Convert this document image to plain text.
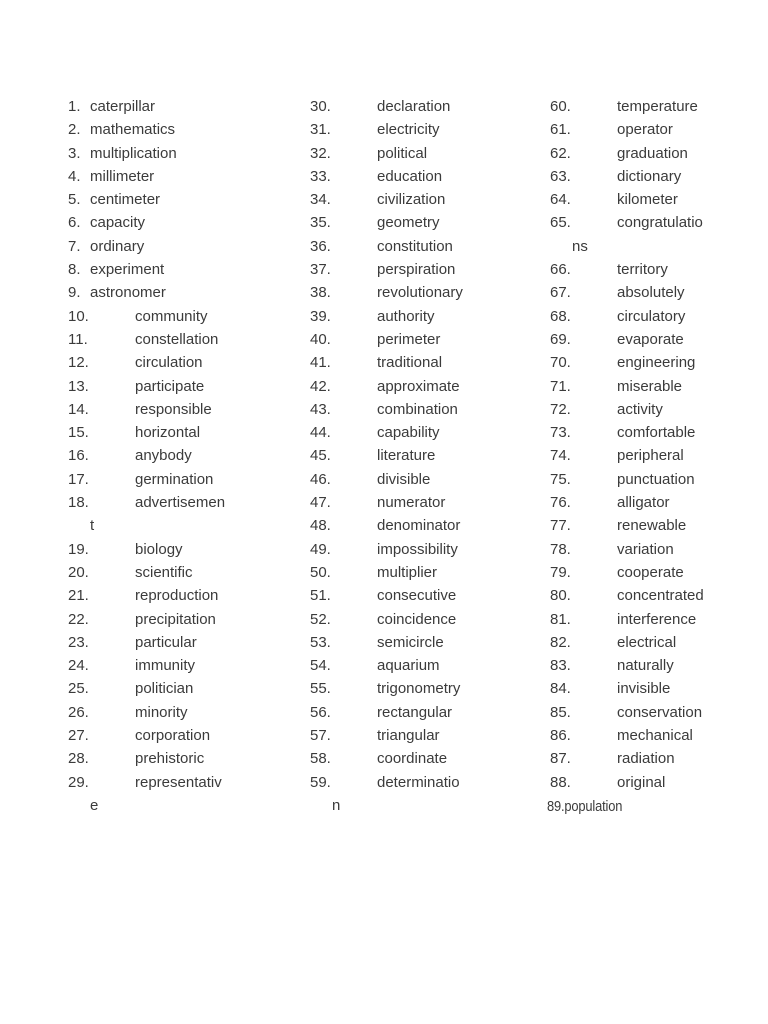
1. caterpillar
2. mathematics
3. multiplication
4. millimeter
5. centimeter
6. capacity
7. ordinary
8. experiment
9. astronomer
10.	community
11.	constellation
12.	circulation
13.	participate
14.	responsible
15.	horizontal
16.	anybody
17.	germination
18.	advertisemen
t
19.	biology
20.	scientific
21.	reproduction
22.	precipitation
23.	particular
24.	immunity
25.	politician
26.	minority
27.	corporation
28.	prehistoric
29.	representativ
e
30.	declaration
31.	electricity
32.	political
33.	education
34.	civilization
35.	geometry
36.	constitution
37.	perspiration
38.	revolutionary
39.	authority
40.	perimeter
41.	traditional
42.	approximate
43.	combination
44.	capability
45.	literature
46.	divisible
47.	numerator
48.	denominator
49.	impossibility
50.	multiplier
51.	consecutive
52.	coincidence
53.	semicircle
54.	aquarium
55.	trigonometry
56.	rectangular
57.	triangular
58.	coordinate
59.	determinatio
n
60.	temperature
61.	operator
62.	graduation
63.	dictionary
64.	kilometer
65.	congratulatio
ns
66.	territory
67.	absolutely
68.	circulatory
69.	evaporate
70.	engineering
71.	miserable
72.	activity
73.	comfortable
74.	peripheral
75.	punctuation
76.	alligator
77.	renewable
78.	variation
79.	cooperate
80.	concentrated
81.	interference
82.	electrical
83.	naturally
84.	invisible
85.	conservation
86.	mechanical
87.	radiation
88.	original
89.population
